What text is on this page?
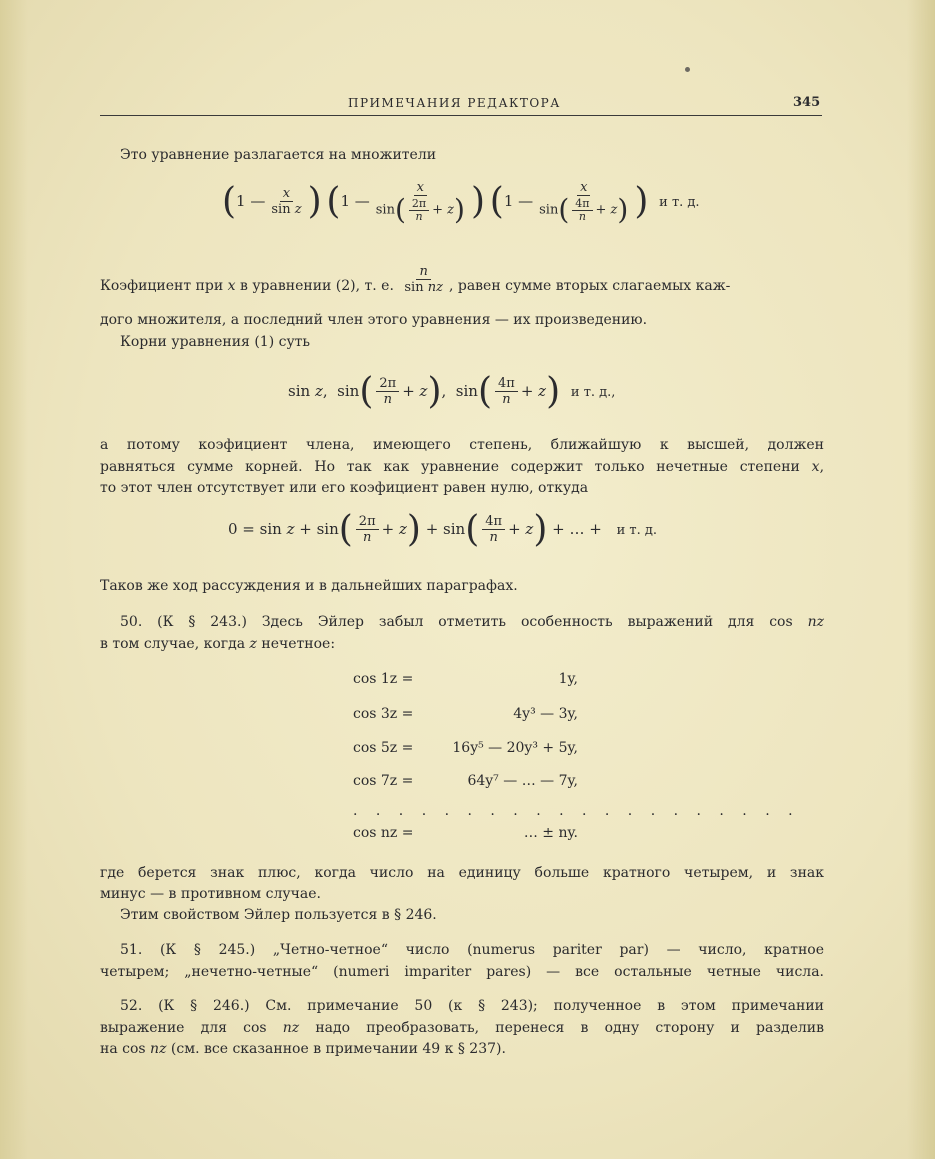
ПРИМЕЧАНИЯ РЕДАКТОРА	345
Это уравнение разлагается на множители
(1 — $\frac{x}{\text{sin z}}$ ) (1 — $\frac{x}{\sin( \frac{2\pi}{n} + z)}$ ) (1 — $\frac{x}{\sin( \frac{4\pi}{n} + z)}$ ) и т. д.
Коэфициент при x в уравнении (2), т. е. $\frac{n}{\text{sin nz}}$ , равен сумме вторых слагаемых каж-
дого множителя, а последний член этого уравнения — их произведению.
Корни уравнения (1) суть
sin z,  $\sin( \frac{2\pi}{n} + z)$,  $\sin( \frac{4\pi}{n} + z)$ и т. д.,
а потому коэфициент члена, имеющего степень, ближайшую к высшей, должен
равняться сумме корней. Но так как уравнение содержит только нечетные степени x,
то этот член отсутствует или его коэфициент равен нулю, откуда
$0 = \sin z + \sin( \frac{2\pi}{n} + z) + \sin( \frac{4\pi}{n} + z)$ + … + и т. д.
Таков же ход рассуждения и в дальнейших параграфах.
50. (К § 243.) Здесь Эйлер забыл отметить особенность выражений для cos nz
в том случае, когда z нечетное:
cos 1z =	1y,
cos 3z =	4y³ — 3y,
cos 5z =	16y⁵ — 20y³ + 5y,
cos 7z =	64y⁷ — … — 7y,
. . . . . . . . . . . . . . . . . . . .
cos nz =	… ± ny.
где берется знак плюс, когда число на единицу больше кратного четырем, и знак
минус — в противном случае.
Этим свойством Эйлер пользуется в § 246.
51. (К § 245.) „Четно-четное“ число (numerus pariter par) — число, кратное
четырем; „нечетно-четные“ (numeri impariter pares) — все остальные четные числа.
52. (К § 246.) См. примечание 50 (к § 243); полученное в этом примечании
выражение для cos nz надо преобразовать, перенеся в одну сторону и разделив
на cos nz (см. все сказанное в примечании 49 к § 237).
